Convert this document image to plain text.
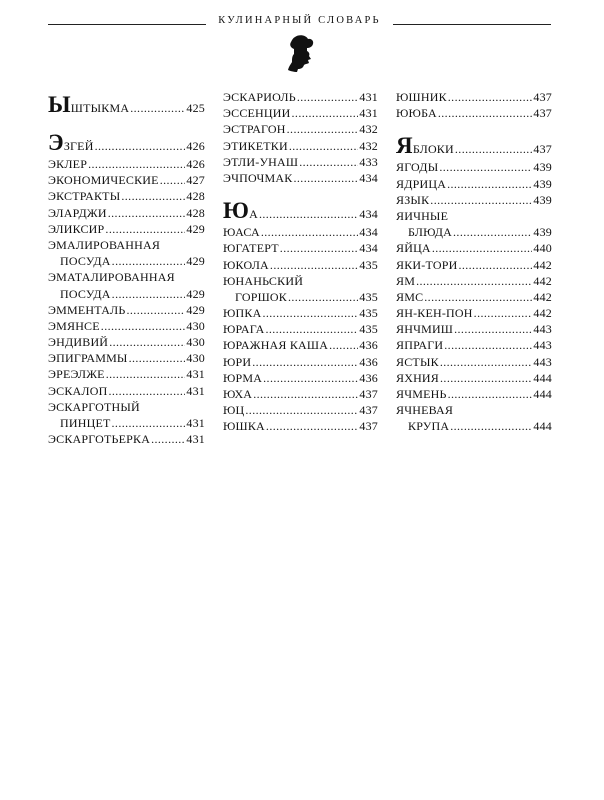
КУЛИНАРНЫЙ СЛОВАРЬ
ЫШТЫКМА .....	425
ЭЗГЕЙ .....	426
ЭКЛЕР .....	426
ЭКОНОМИЧЕСКИЕ ..... 427
ЭКСТРАКТЫ .....	428
ЭЛАРДЖИ .....	428
ЭЛИКСИР .....	429
ЭМАЛИРОВАННАЯ
ПОСУДА .....	429
ЭМАТАЛИРОВАННАЯ
ПОСУДА .....	429
ЭММЕНТАЛЬ .....	429
ЭМЯНСЕ .....	430
ЭНДИВИЙ .....	430
ЭПИГРАММЫ .....	430
ЭРЕЭЛЖЕ .....	431
ЭСКАЛОП .....	431
ЭСКАРГОТНЫЙ
ПИНЦЕТ .....	431
ЭСКАРГОТЬЕРКА .....	431
ЭСКАРИОЛЬ .....	431
ЭССЕНЦИИ .....	431
ЭСТРАГОН .....	432
ЭТИКЕТКИ .....	432
ЭТЛИ-УНАШ .....	433
ЭЧПОЧМАК .....	434
ЮА .....	434
ЮАСА .....	434
ЮГАТЕРТ .....	434
ЮКОЛА .....	435
ЮНАНЬСКИЙ
ГОРШОК .....	435
ЮПКА .....	435
ЮРАГА .....	435
ЮРАЖНАЯ КАША .....	436
ЮРИ .....	436
ЮРМА .....	436
ЮХА .....	437
ЮЦ .....	437
ЮШКА .....	437
ЮШНИК .....	437
ЮЮБА .....	437
ЯБЛОКИ .....	437
ЯГОДЫ .....	439
ЯДРИЦА .....	439
ЯЗЫК .....	439
ЯИЧНЫЕ
БЛЮДА .....	439
ЯЙЦА .....	440
ЯКИ-ТОРИ .....	442
ЯМ .....	442
ЯМС .....	442
ЯН-КЕН-ПОН .....	442
ЯНЧМИШ .....	443
ЯПРАГИ .....	443
ЯСТЫК .....	443
ЯХНИЯ .....	444
ЯЧМЕНЬ .....	444
ЯЧНЕВАЯ
КРУПА .....	444
